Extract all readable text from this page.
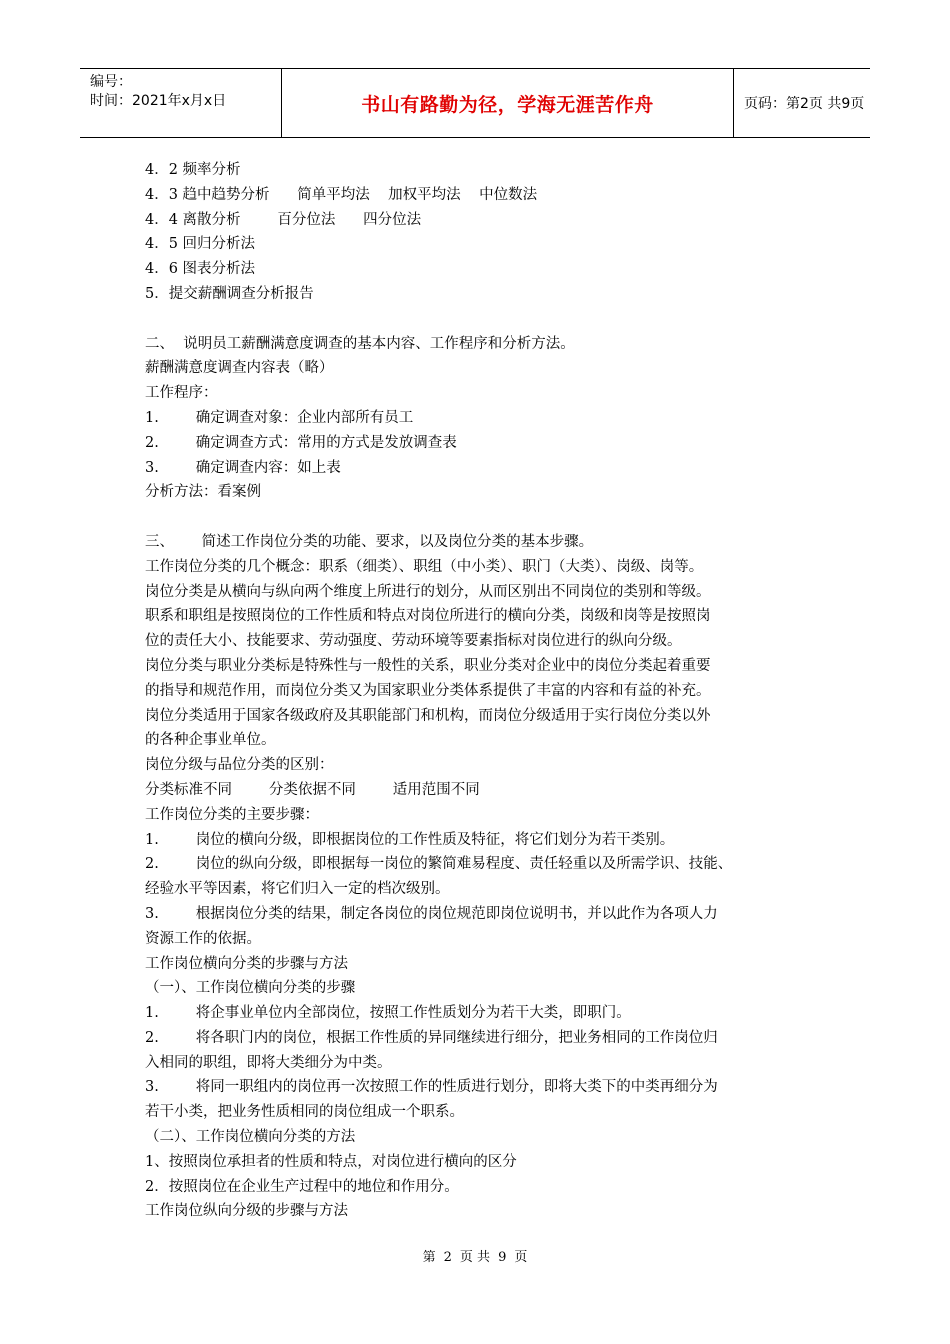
编号：
时间：2021年x月x日	书山有路勤为径，学海无涯苦作舟	页码：第2页 共9页
4．2 频率分析
4．3 趋中趋势分析      简单平均法    加权平均法    中位数法
4．4 离散分析        百分位法      四分位法
4．5 回归分析法
4．6 图表分析法
5．提交薪酬调查分析报告
二、  说明员工薪酬满意度调查的基本内容、工作程序和分析方法。
薪酬满意度调查内容表（略）
工作程序：
1.        确定调查对象：企业内部所有员工
2.        确定调查方式：常用的方式是发放调查表
3.        确定调查内容：如上表
分析方法：看案例
三、      简述工作岗位分类的功能、要求，以及岗位分类的基本步骤。
工作岗位分类的几个概念：职系（细类）、职组（中小类）、职门（大类）、岗级、岗等。
岗位分类是从横向与纵向两个维度上所进行的划分，从而区别出不同岗位的类别和等级。
职系和职组是按照岗位的工作性质和特点对岗位所进行的横向分类，岗级和岗等是按照岗
位的责任大小、技能要求、劳动强度、劳动环境等要素指标对岗位进行的纵向分级。
岗位分类与职业分类标是特殊性与一般性的关系，职业分类对企业中的岗位分类起着重要
的指导和规范作用，而岗位分类又为国家职业分类体系提供了丰富的内容和有益的补充。
岗位分类适用于国家各级政府及其职能部门和机构，而岗位分级适用于实行岗位分类以外
的各种企事业单位。
岗位分级与品位分类的区别：
分类标准不同        分类依据不同        适用范围不同
工作岗位分类的主要步骤：
1.        岗位的横向分级，即根据岗位的工作性质及特征，将它们划分为若干类别。
2.        岗位的纵向分级，即根据每一岗位的繁简难易程度、责任轻重以及所需学识、技能、
经验水平等因素，将它们归入一定的档次级别。
3.        根据岗位分类的结果，制定各岗位的岗位规范即岗位说明书，并以此作为各项人力
资源工作的依据。
工作岗位横向分类的步骤与方法
（一）、工作岗位横向分类的步骤
1.        将企事业单位内全部岗位，按照工作性质划分为若干大类，即职门。
2.        将各职门内的岗位，根据工作性质的异同继续进行细分，把业务相同的工作岗位归
入相同的职组，即将大类细分为中类。
3.        将同一职组内的岗位再一次按照工作的性质进行划分，即将大类下的中类再细分为
若干小类，把业务性质相同的岗位组成一个职系。
（二）、工作岗位横向分类的方法
1、按照岗位承担者的性质和特点，对岗位进行横向的区分
2．按照岗位在企业生产过程中的地位和作用分。
工作岗位纵向分级的步骤与方法
第 2 页 共 9 页
